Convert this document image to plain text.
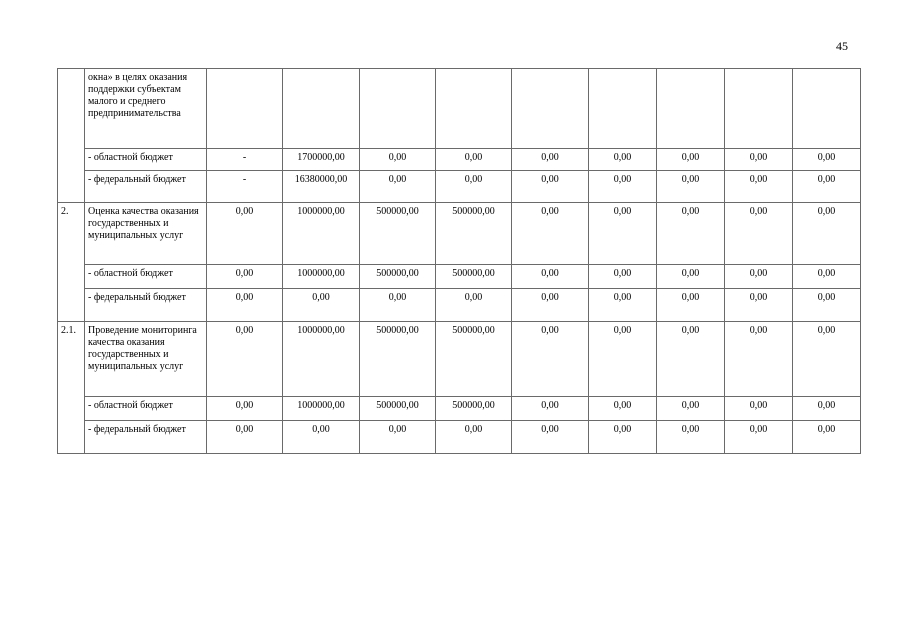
45
	окна» в целях оказания поддержки субъектам малого и среднего предпринимательства									
	- областной бюджет	-	1700000,00	0,00	0,00	0,00	0,00	0,00	0,00	0,00
	- федеральный бюджет	-	16380000,00	0,00	0,00	0,00	0,00	0,00	0,00	0,00
2.	Оценка качества оказания государственных и муниципальных услуг	0,00	1000000,00	500000,00	500000,00	0,00	0,00	0,00	0,00	0,00
	- областной бюджет	0,00	1000000,00	500000,00	500000,00	0,00	0,00	0,00	0,00	0,00
	- федеральный бюджет	0,00	0,00	0,00	0,00	0,00	0,00	0,00	0,00	0,00
2.1.	Проведение мониторинга качества оказания государственных и муниципальных услуг	0,00	1000000,00	500000,00	500000,00	0,00	0,00	0,00	0,00	0,00
	- областной бюджет	0,00	1000000,00	500000,00	500000,00	0,00	0,00	0,00	0,00	0,00
	- федеральный бюджет	0,00	0,00	0,00	0,00	0,00	0,00	0,00	0,00	0,00
